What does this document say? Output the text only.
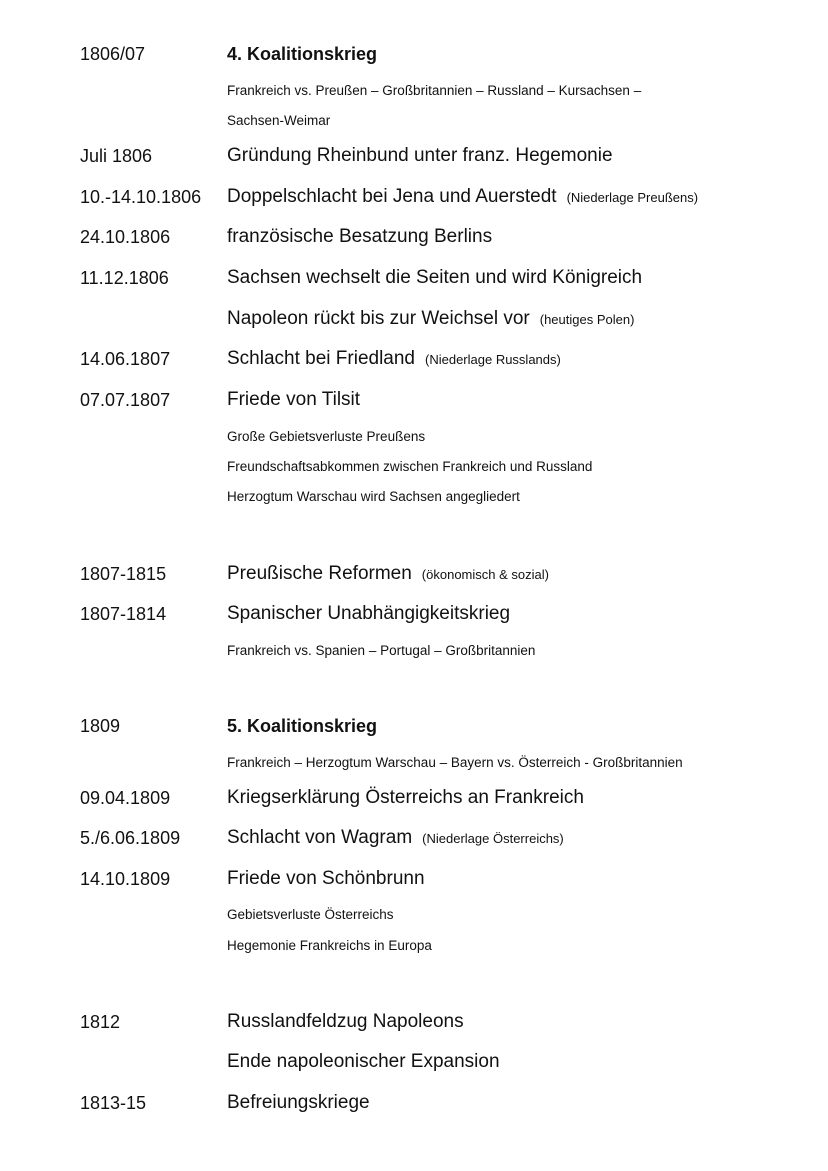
1806/07	4. Koalitionskrieg
Frankreich vs. Preußen – Großbritannien – Russland – Kursachsen –
Sachsen-Weimar
Juli 1806	Gründung Rheinbund unter franz. Hegemonie
10.-14.10.1806 Doppelschlacht bei Jena und Auerstedt (Niederlage Preußens)
24.10.1806	französische Besatzung Berlins
11.12.1806	Sachsen wechselt die Seiten und wird Königreich
Napoleon rückt bis zur Weichsel vor (heutiges Polen)
14.06.1807	Schlacht bei Friedland (Niederlage Russlands)
07.07.1807	Friede von Tilsit
Große Gebietsverluste Preußens
Freundschaftsabkommen zwischen Frankreich und Russland
Herzogtum Warschau wird Sachsen angegliedert
1807-1815	Preußische Reformen (ökonomisch & sozial)
1807-1814	Spanischer Unabhängigkeitskrieg
Frankreich vs. Spanien – Portugal – Großbritannien
1809	5. Koalitionskrieg
Frankreich – Herzogtum Warschau – Bayern vs. Österreich - Großbritannien
09.04.1809	Kriegserklärung Österreichs an Frankreich
5./6.06.1809 Schlacht von Wagram (Niederlage Österreichs)
14.10.1809	Friede von Schönbrunn
Gebietsverluste Österreichs
Hegemonie Frankreichs in Europa
1812	Russlandfeldzug Napoleons
Ende napoleonischer Expansion
1813-15	Befreiungskriege
